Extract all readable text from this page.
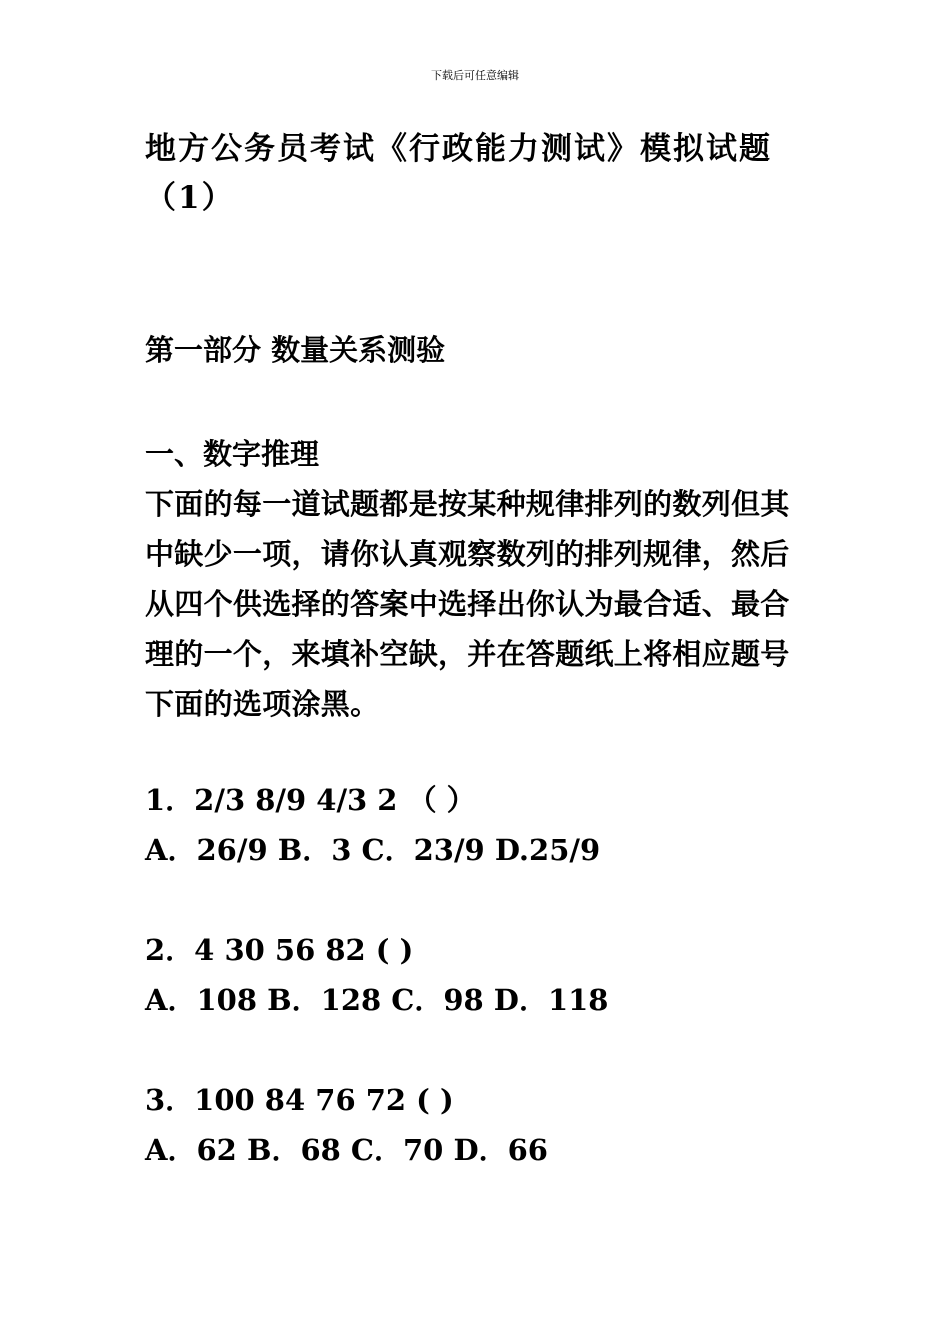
下载后可任意编辑
地方公务员考试《行政能力测试》模拟试题（1）
第一部分 数量关系测验
一、数字推理

下面的每一道试题都是按某种规律排列的数列但其中缺少一项，请你认真观察数列的排列规律，然后从四个供选择的答案中选择出你认为最合适、最合理的一个，来填补空缺，并在答题纸上将相应题号下面的选项涂黑。

1．2/3 8/9 4/3 2 （ ）

A．26/9 B．3 C．23/9 D.25/9

2．4 30 56 82 ( )

A．108 B．128 C．98 D．118

3．100 84 76 72 ( )

A．62 B．68 C．70 D．66
